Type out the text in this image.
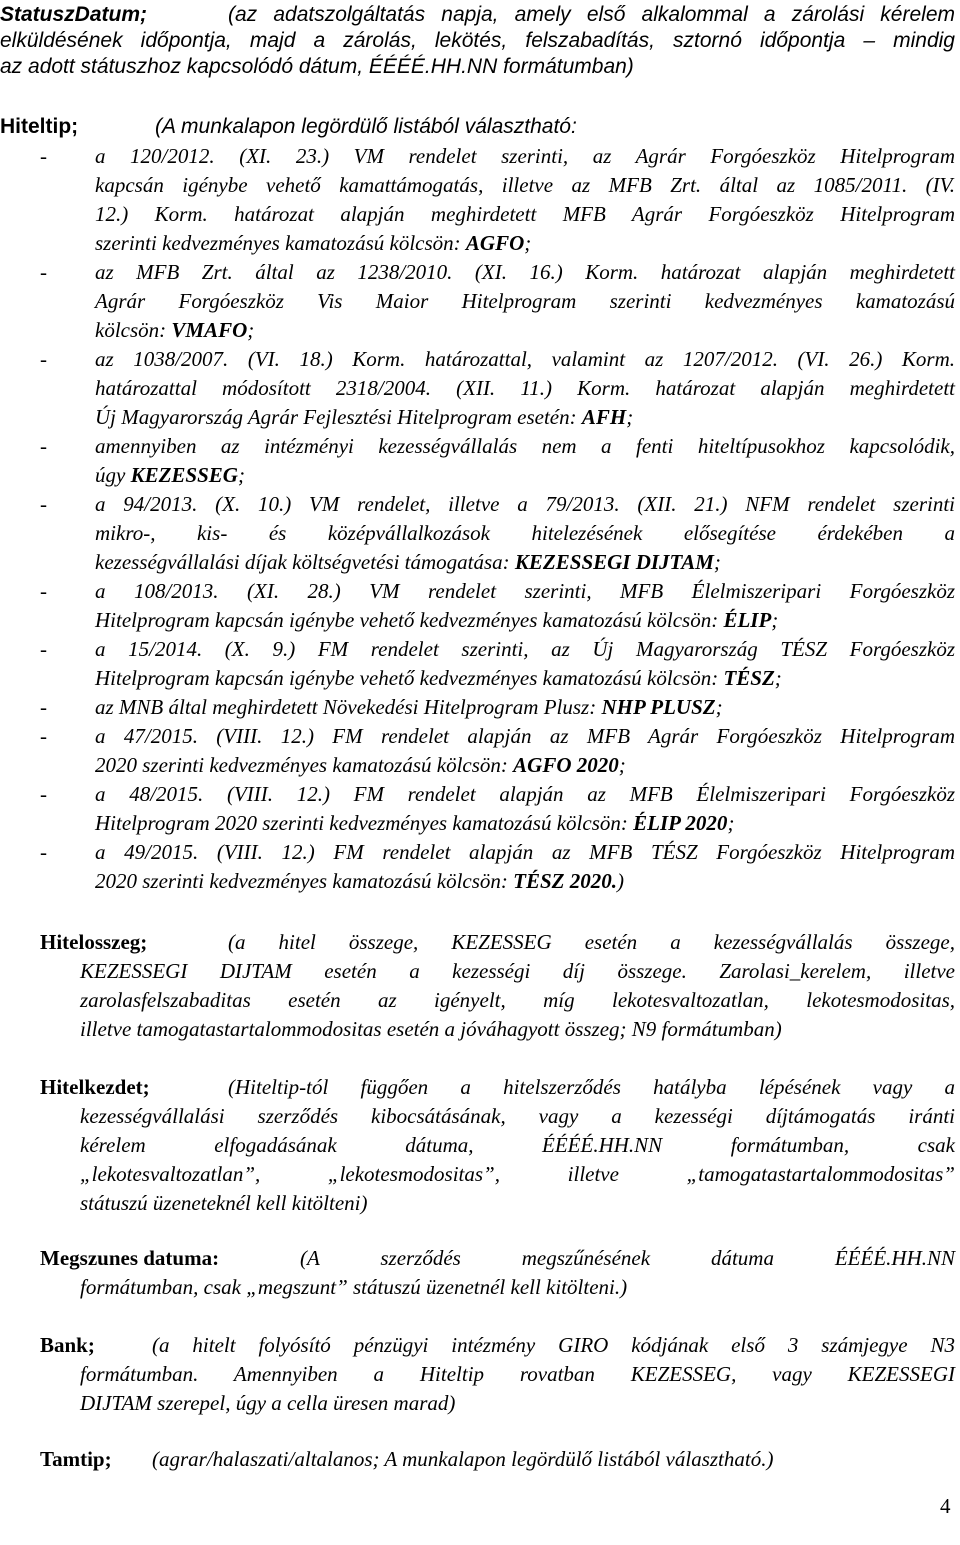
StatuszDatum;	(az adatszolgáltatás napja, amely első alkalommal a zárolási kérelem
elküldésének időpontja, majd a zárolás, lekötés, felszabadítás, sztornó időpontja – mindig
az adott státuszhoz kapcsolódó dátum, ÉÉÉÉ.HH.NN formátumban)
Hiteltip;	(A munkalapon legördülő listából választható:
Hitelosszeg;
Hitelkezdet;
Megszunes datuma:
Bank;
Tamtip; (agrar/halaszati/altalanos; A munkalapon legördülő listából választható.)
4
- a 120/2012. (XI. 23.) VM rendelet szerinti, az Agrár Forgóeszköz Hitelprogram
kapcsán igénybe vehető kamattámogatás, illetve az MFB Zrt. által az 1085/2011. (IV.
12.) Korm. határozat alapján meghirdetett MFB Agrár Forgóeszköz Hitelprogram
szerinti kedvezményes kamatozású kölcsön: AGFO;
- az MFB Zrt. által az 1238/2010. (XI. 16.) Korm. határozat alapján meghirdetett
Agrár Forgóeszköz Vis Maior Hitelprogram szerinti kedvezményes kamatozású
kölcsön: VMAFO;
- az 1038/2007. (VI. 18.) Korm. határozattal, valamint az 1207/2012. (VI. 26.) Korm.
határozattal módosított 2318/2004. (XII. 11.) Korm. határozat alapján meghirdetett
Új Magyarország Agrár Fejlesztési Hitelprogram esetén: AFH;
- amennyiben az intézményi kezességvállalás nem a fenti hiteltípusokhoz kapcsolódik,
úgy KEZESSEG;
- a 94/2013. (X. 10.) VM rendelet, illetve a 79/2013. (XII. 21.) NFM rendelet szerinti
mikro-, kis- és középvállalkozások hitelezésének elősegítése érdekében a
kezességvállalási díjak költségvetési támogatása: KEZESSEGI DIJTAM;
- a 108/2013. (XI. 28.) VM rendelet szerinti, MFB Élelmiszeripari Forgóeszköz
Hitelprogram kapcsán igénybe vehető kedvezményes kamatozású kölcsön: ÉLIP;
- a 15/2014. (X. 9.) FM rendelet szerinti, az Új Magyarország TÉSZ Forgóeszköz
Hitelprogram kapcsán igénybe vehető kedvezményes kamatozású kölcsön: TÉSZ;
- az MNB által meghirdetett Növekedési Hitelprogram Plusz: NHP PLUSZ;
- a 47/2015. (VIII. 12.) FM rendelet alapján az MFB Agrár Forgóeszköz Hitelprogram
2020 szerinti kedvezményes kamatozású kölcsön: AGFO 2020;
- a 48/2015. (VIII. 12.) FM rendelet alapján az MFB Élelmiszeripari Forgóeszköz
Hitelprogram 2020 szerinti kedvezményes kamatozású kölcsön: ÉLIP 2020;
- a 49/2015. (VIII. 12.) FM rendelet alapján az MFB TÉSZ Forgóeszköz Hitelprogram
2020 szerinti kedvezményes kamatozású kölcsön: TÉSZ 2020.)
(a hitel összege, KEZESSEG esetén a kezességvállalás összege,
KEZESSEGI DIJTAM esetén a kezességi díj összege. Zarolasi_kerelem, illetve
zarolasfelszabaditas esetén az igényelt, míg lekotesvaltozatlan, lekotesmodositas,
illetve tamogatastartalommodositas esetén a jóváhagyott összeg; N9 formátumban)
(Hiteltip-tól függően a hitelszerződés hatályba lépésének vagy a
kezességvállalási szerződés kibocsátásának, vagy a kezességi díjtámogatás iránti
kérelem elfogadásának dátuma, ÉÉÉÉ.HH.NN formátumban, csak
„lekotesvaltozatlan”, „lekotesmodositas”, illetve „tamogatastartalommodositas”
státuszú üzeneteknél kell kitölteni)
(A szerződés megszűnésének dátuma ÉÉÉÉ.HH.NN
formátumban, csak „megszunt” státuszú üzenetnél kell kitölteni.)
(a hitelt folyósító pénzügyi intézmény GIRO kódjának első 3 számjegye N3
formátumban. Amennyiben a Hiteltip rovatban KEZESSEG, vagy KEZESSEGI
DIJTAM szerepel, úgy a cella üresen marad)
